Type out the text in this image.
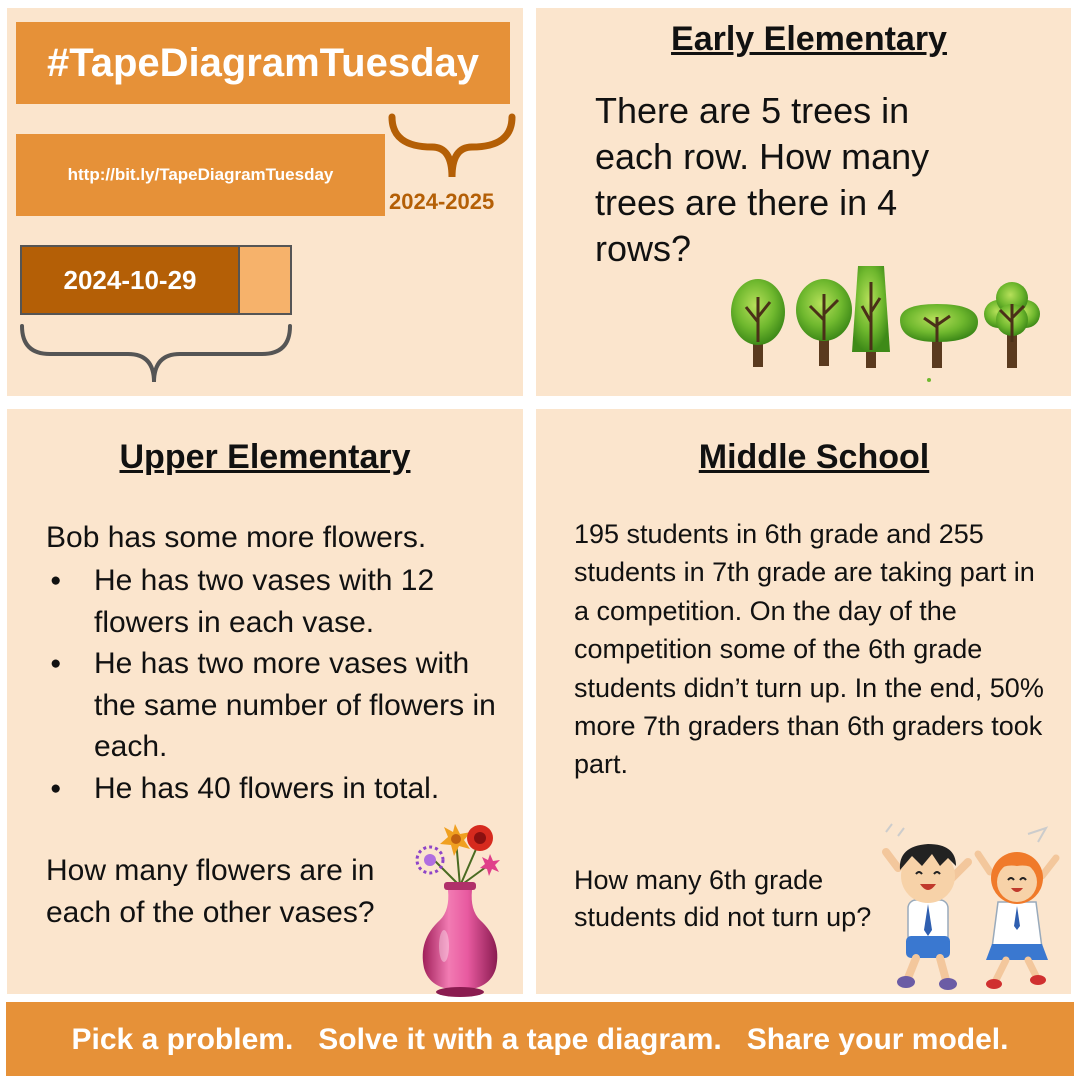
#TapeDiagramTuesday
http://bit.ly/TapeDiagramTuesday
2024-2025
2024-10-29
Early Elementary
There are 5 trees in each row. How many trees are there in 4 rows?
Upper Elementary
Bob has some more flowers.
● He has two vases with 12 flowers in each vase.
● He has two more vases with the same number of flowers in each.
● He has 40 flowers in total.
How many flowers are in each of the other vases?
Middle School
195 students in 6th grade and 255 students in 7th grade are taking part in a competition. On the day of the competition some of the 6th grade students didn’t turn up. In the end, 50% more 7th graders than 6th graders took part.
How many 6th grade students did not turn up?
Pick a problem.   Solve it with a tape diagram.   Share your model.
